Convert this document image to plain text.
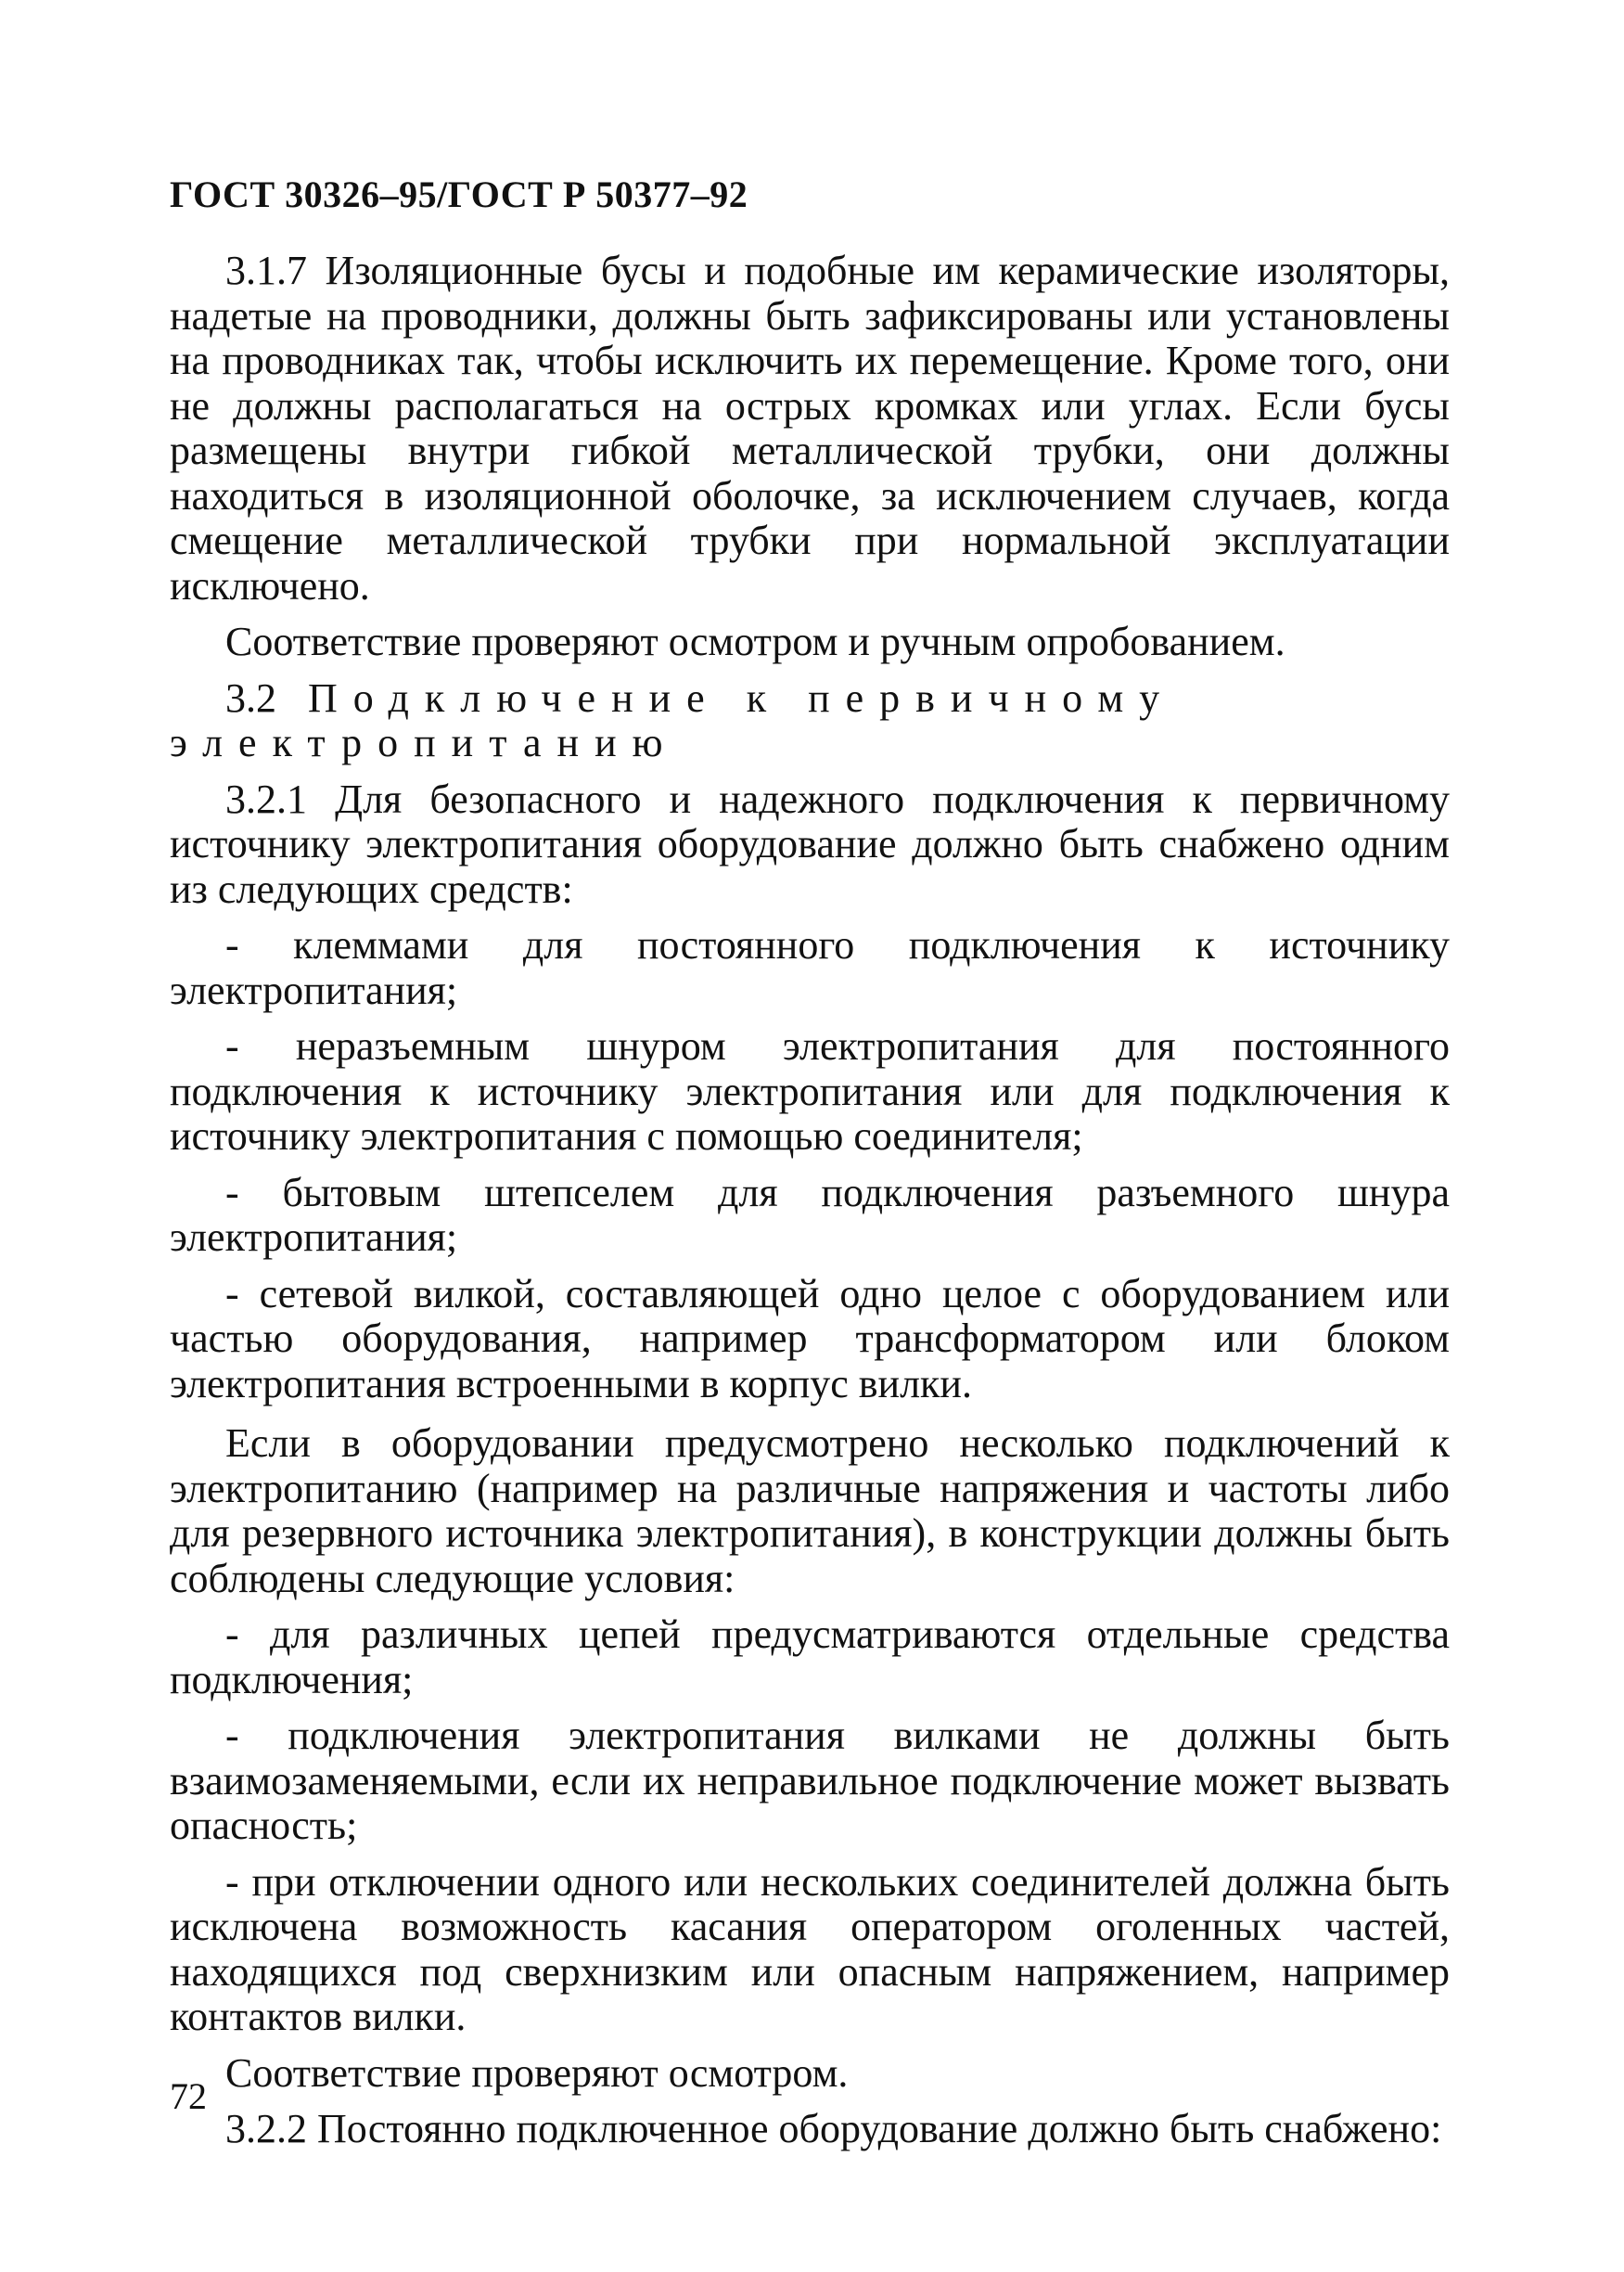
ГОСТ 30326–95/ГОСТ Р 50377–92

3.1.7 Изоляционные бусы и подобные им керамические изоляторы, надетые на проводники, должны быть зафиксированы или установлены на проводниках так, чтобы исключить их перемещение. Кроме того, они не должны располагаться на острых кромках или углах. Если бусы размещены внутри гибкой металлической трубки, они должны находиться в изоляционной оболочке, за исключением случаев, когда смещение металлической трубки при нормальной эксплуатации исключено.

Соответствие проверяют осмотром и ручным опробованием.

3.2 Подключение к первичному электропитанию

3.2.1 Для безопасного и надежного подключения к первичному источнику электропитания оборудование должно быть снабжено одним из следующих средств:

- клеммами для постоянного подключения к источнику электропитания;

- неразъемным шнуром электропитания для постоянного подключения к источнику электропитания или для подключения к источнику электропитания с помощью соединителя;

- бытовым штепселем для подключения разъемного шнура электропитания;

- сетевой вилкой, составляющей одно целое с оборудованием или частью оборудования, например трансформатором или блоком электропитания встроенными в корпус вилки.

Если в оборудовании предусмотрено несколько подключений к электропитанию (например на различные напряжения и частоты либо для резервного источника электропитания), в конструкции должны быть соблюдены следующие условия:

- для различных цепей предусматриваются отдельные средства подключения;

- подключения электропитания вилками не должны быть взаимозаменяемыми, если их неправильное подключение может вызвать опасность;

- при отключении одного или нескольких соединителей должна быть исключена возможность касания оператором оголенных частей, находящихся под сверхнизким или опасным напряжением, например контактов вилки.

Соответствие проверяют осмотром.

3.2.2 Постоянно подключенное оборудование должно быть снабжено:

72
